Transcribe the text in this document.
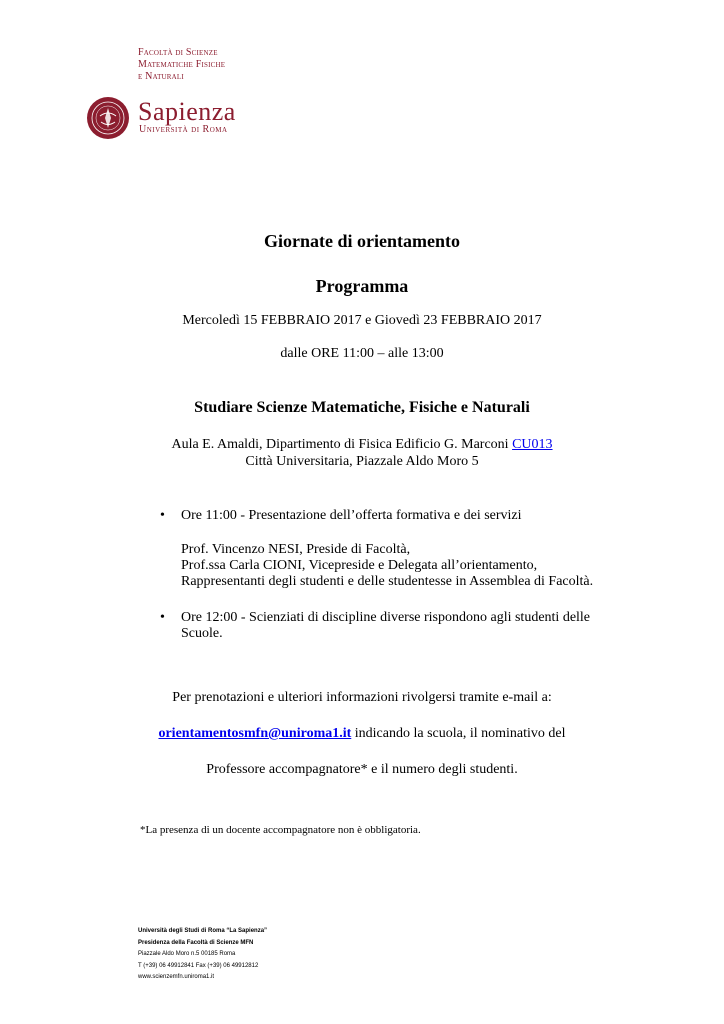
Facoltà di Scienze
Matematiche Fisiche
e Naturali
Sapienza
Università di Roma
Giornate di orientamento
Programma
Mercoledì 15 FEBBRAIO 2017 e Giovedì 23 FEBBRAIO 2017
dalle ORE 11:00 – alle 13:00
Studiare Scienze Matematiche, Fisiche e Naturali
Aula E. Amaldi, Dipartimento di Fisica Edificio G. Marconi CU013
Città Universitaria, Piazzale Aldo Moro 5
• Ore 11:00 - Presentazione dell’offerta formativa e dei servizi
Prof. Vincenzo NESI, Preside di Facoltà,
Prof.ssa Carla CIONI, Vicepreside e Delegata all’orientamento,
Rappresentanti degli studenti e delle studentesse in Assemblea di Facoltà.
• Ore 12:00 - Scienziati di discipline diverse rispondono agli studenti delle
Scuole.
Per prenotazioni e ulteriori informazioni rivolgersi tramite e-mail a:
orientamentosmfn@uniroma1.it indicando la scuola, il nominativo del
Professore accompagnatore* e il numero degli studenti.
*La presenza di un docente accompagnatore non è obbligatoria.
Università degli Studi di Roma “La Sapienza”
Presidenza della Facoltà di Scienze MFN
Piazzale Aldo Moro n.5 00185 Roma
T (+39) 06 49912841 Fax (+39) 06 49912812
www.scienzemfn.uniroma1.it
